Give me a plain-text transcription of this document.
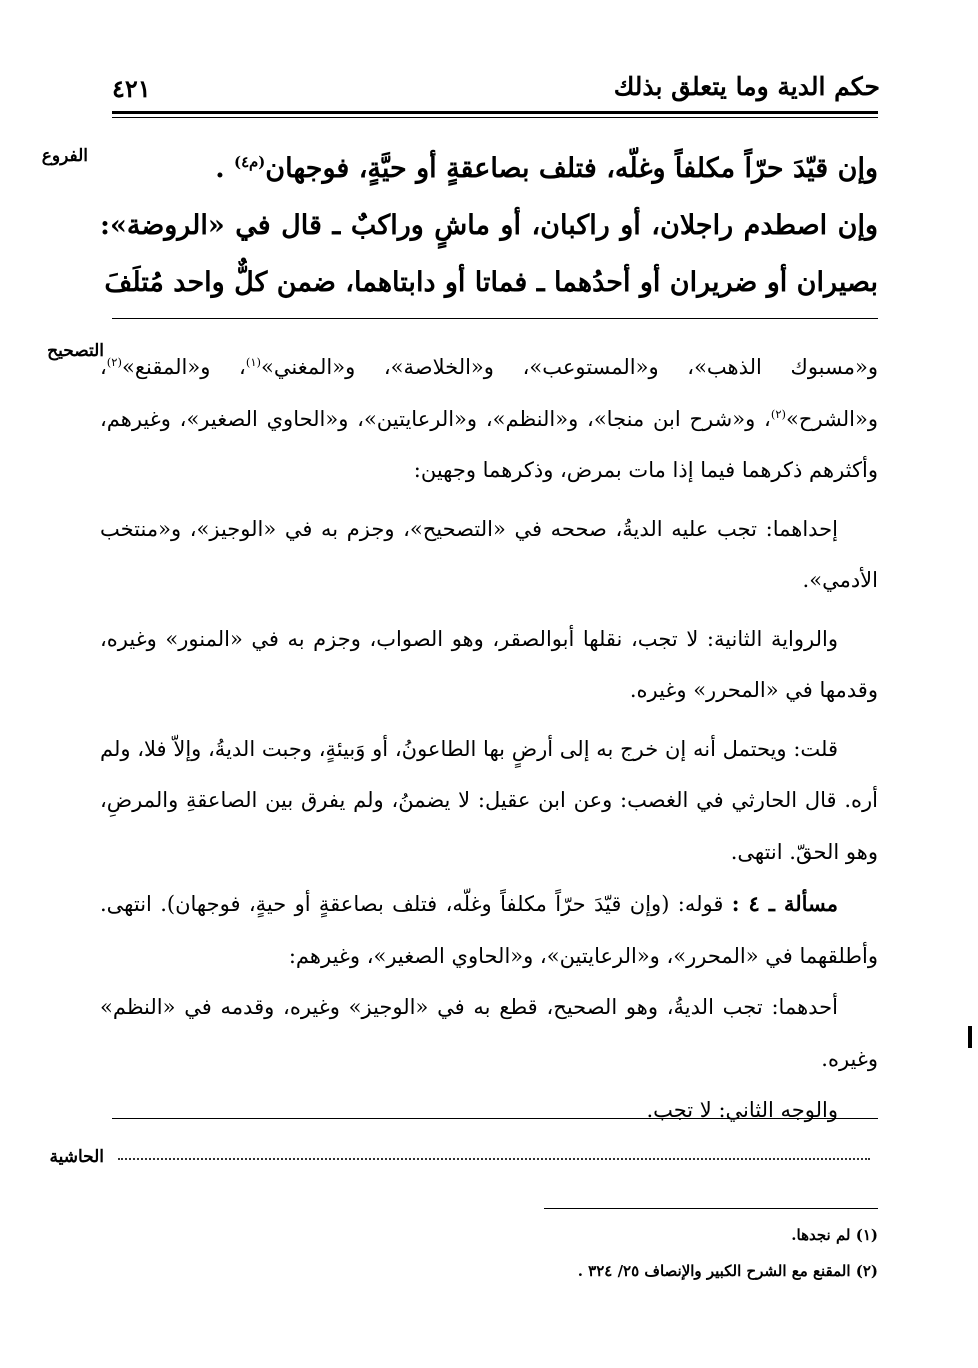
حكم الدية وما يتعلق بذلك
٤٢١
الفروع	وإن قيّدَ حرّاً مكلفاً وغلّه، فتلف بصاعقةٍ أو حيَّةٍ، فوجهان$^{(م٤)}$ .

وإن اصطدم راجلان، أو راكبان، أو ماشٍ وراكبٌ ـ قال في «الروضة»: بصيران أو ضريران أو أحدُهما ـ فماتا أو دابتاهما، ضمن كلٌّ واحد مُتلَفَ

التصحيح

و«مسبوك الذهب»، و«المستوعب»، و«الخلاصة»، و«المغني»$^{(١)}$، و«المقنع»$^{(٢)}$، و«الشرح»$^{(٢)}$، و«شرح ابن منجا»، و«النظم»، و«الرعايتين»، و«الحاوي الصغير»، وغيرهم، وأكثرهم ذكرهما فيما إذا مات بمرض، وذكرهما وجهين:

إحداهما: تجب عليه الديةُ، صححه في «التصحيح»، وجزم به في «الوجيز»، و«منتخب الأدمي».

والرواية الثانية: لا تجب، نقلها أبوالصقر، وهو الصواب، وجزم به في «المنور» وغيره، وقدمها في «المحرر» وغيره.

قلت: ويحتمل أنه إن خرج به إلى أرضٍ بها الطاعونُ، أو وَبيئةٍ، وجبت الديةُ، وإلاّ فلا، ولم أره. قال الحارثي في الغصب: وعن ابن عقيل: لا يضمنُ، ولم يفرق بين الصاعقةِ والمرضِ، وهو الحقّ. انتهى.

مسألة ـ ٤ : قوله: (وإن قيّدَ حرّاً مكلفاً وغلّه، فتلف بصاعقةٍ أو حيةٍ، فوجهان). انتهى. وأطلقهما في «المحرر»، و«الرعايتين»، و«الحاوي الصغير»، وغيرهم:

أحدهما: تجب الديةُ، وهو الصحيح، قطع به في «الوجيز» وغيره، وقدمه في «النظم» وغيره.

والوجه الثاني: لا تجب.

الحاشية
(١) لم نجدها.
(٢) المقنع مع الشرح الكبير والإنصاف ٢٥/ ٣٢٤ .
